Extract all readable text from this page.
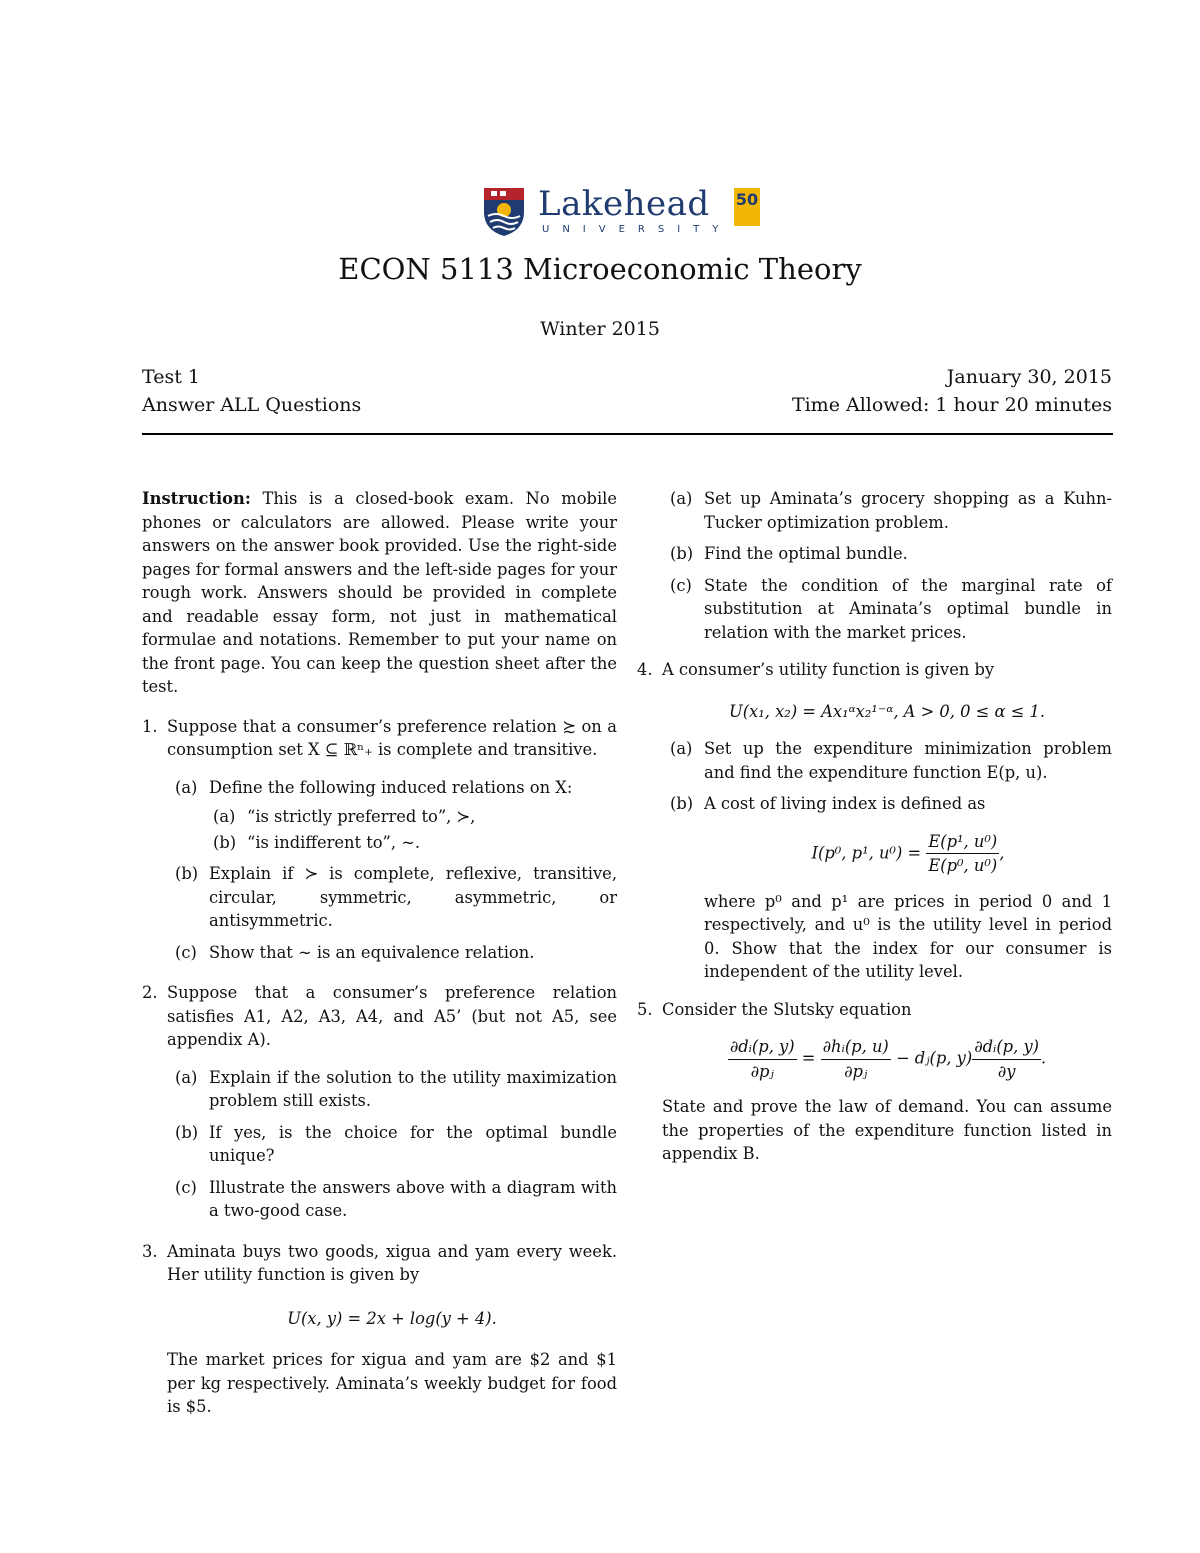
Lakehead
UNIVERSITY
50
ECON 5113 Microeconomic Theory
Winter 2015
Test 1	January 30, 2015
Answer ALL Questions	Time Allowed: 1 hour 20 minutes

Instruction: This is a closed-book exam. No mobile phones or calculators are allowed. Please write your answers on the answer book provided. Use the right-side pages for formal answers and the left-side pages for your rough work. Answers should be provided in complete and readable essay form, not just in mathematical formulae and notations. Remember to put your name on the front page. You can keep the question sheet after the test.

1. Suppose that a consumer’s preference relation ≿ on a consumption set X ⊆ ℝⁿ₊ is complete and transitive.

(a) Define the following induced relations on X:

(a) “is strictly preferred to”, ≻,

(b) “is indifferent to”, ∼.

(b) Explain if ≻ is complete, reflexive, transitive, circular, symmetric, asymmetric, or antisymmetric.

(c) Show that ∼ is an equivalence relation.

2. Suppose that a consumer’s preference relation satisfies A1, A2, A3, A4, and A5’ (but not A5, see appendix A).

(a) Explain if the solution to the utility maximization problem still exists.

(b) If yes, is the choice for the optimal bundle unique?

(c) Illustrate the answers above with a diagram with a two-good case.

3. Aminata buys two goods, xigua and yam every week. Her utility function is given by

U(x, y) = 2x + log(y + 4).

The market prices for xigua and yam are $2 and $1 per kg respectively. Aminata’s weekly budget for food is $5.

(a) Set up Aminata’s grocery shopping as a Kuhn-Tucker optimization problem.

(b) Find the optimal bundle.

(c) State the condition of the marginal rate of substitution at Aminata’s optimal bundle in relation with the market prices.

4. A consumer’s utility function is given by

U(x₁, x₂) = Ax₁ᵅx₂¹⁻ᵅ, A > 0, 0 ≤ α ≤ 1.
(a) Set up the expenditure minimization problem and find the expenditure function E(p, u).

(b) A cost of living index is defined as

I(p⁰, p¹, $u^0) = \frac{\text{E(p¹, u⁰)}}{\text{E(p⁰, u⁰)}}$ ,

where p⁰ and p¹ are prices in period 0 and 1 respectively, and u⁰ is the utility level in period 0. Show that the index for our consumer is independent of the utility level.

5. Consider the Slutsky equation

$\frac{\text{∂dᵢ(p, y)}}{\text{∂pⱼ}} = \frac{\text{∂hᵢ(p, u)}}{\text{∂pⱼ}}$ − dⱼ(p, $y) \frac{\text{∂dᵢ(p, y)}}{\partial y}$ .

State and prove the law of demand. You can assume the properties of the expenditure function listed in appendix B.
